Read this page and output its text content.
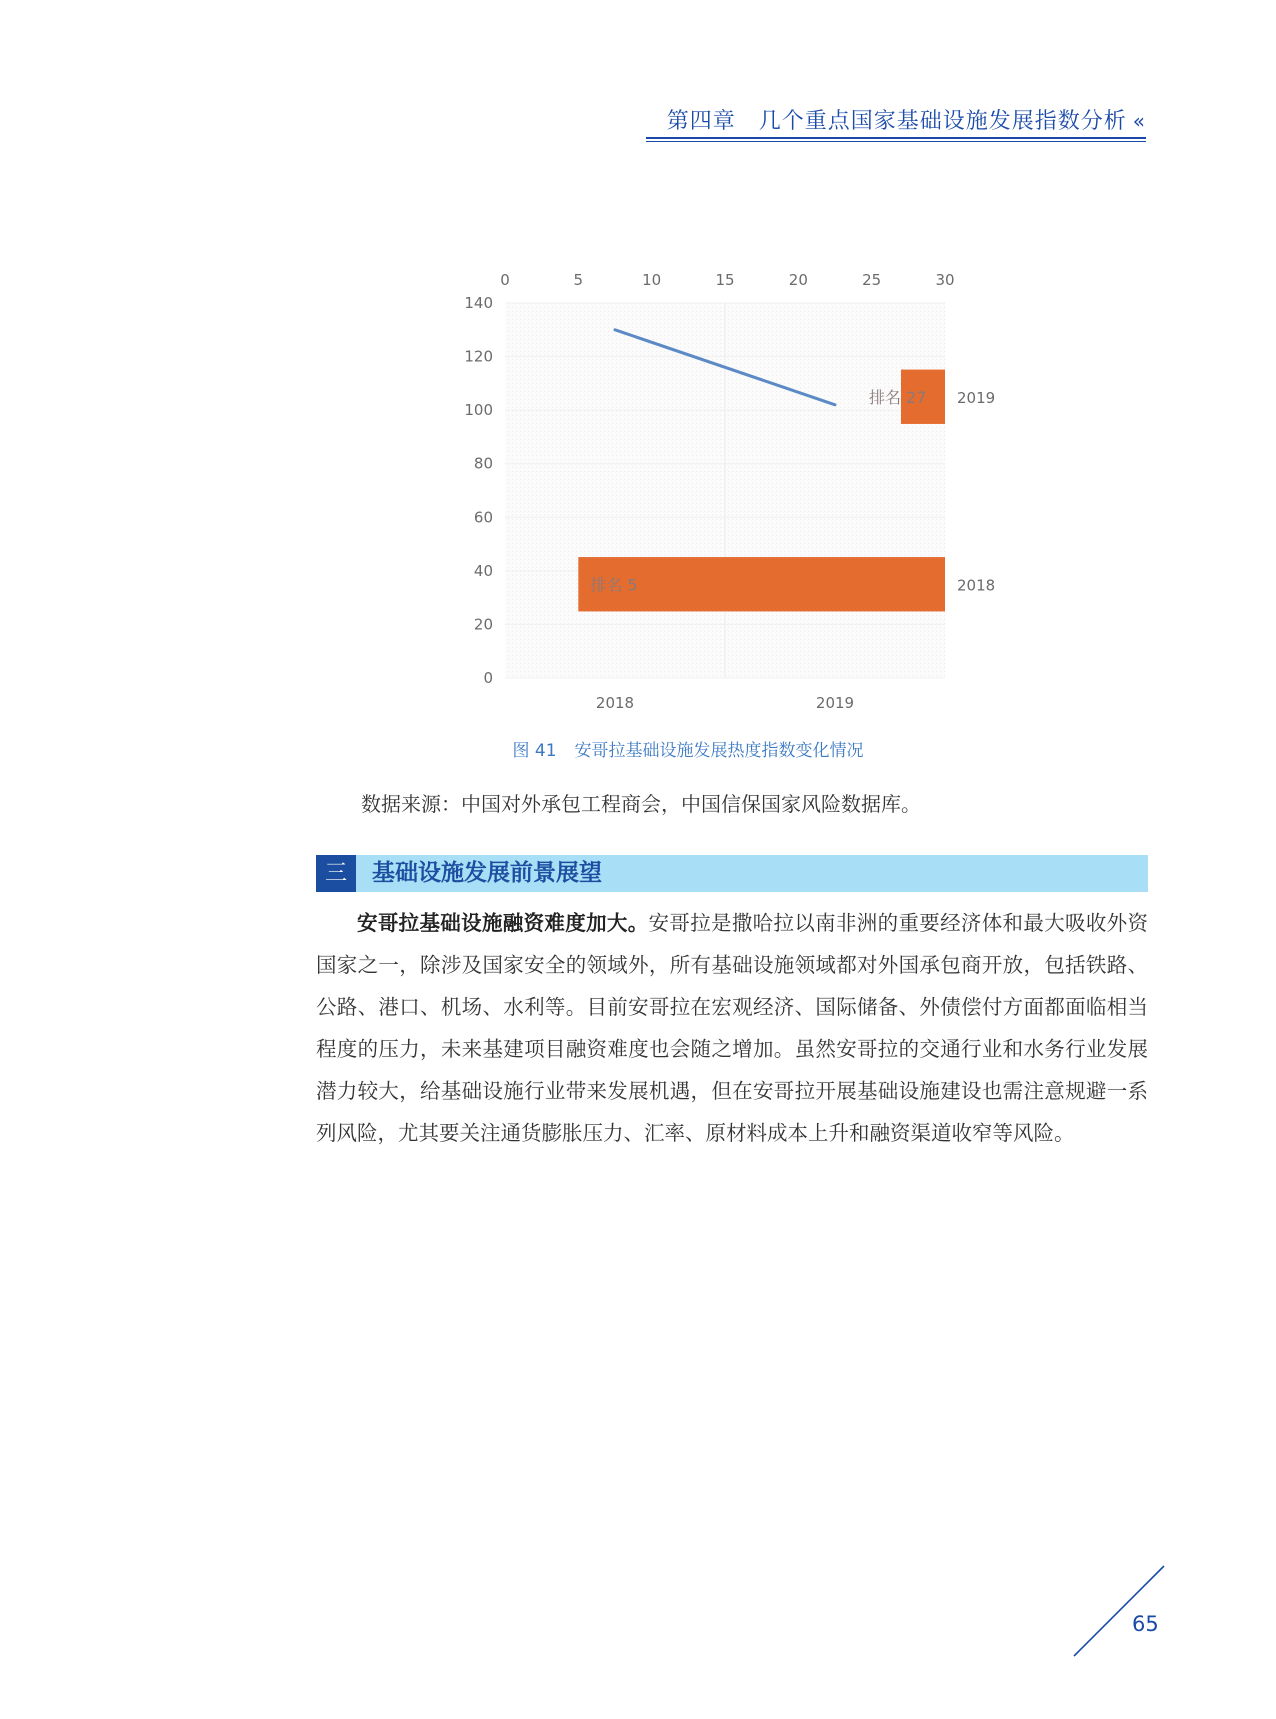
第四章　几个重点国家基础设施发展指数分析 «
0
20
40
60
80
100
120
140
0	5	10	15	20	25	30
2018	2019
排名 5	2018
排名 27 2019
图 41 安哥拉基础设施发展热度指数变化情况
数据来源：中国对外承包工程商会，中国信保国家风险数据库。
三	基础设施发展前景展望
安哥拉基础设施融资难度加大。安哥拉是撒哈拉以南非洲的重要经济体和最大吸收外资国家之一，除涉及国家安全的领域外，所有基础设施领域都对外国承包商开放，包括铁路、公路、港口、机场、水利等。目前安哥拉在宏观经济、国际储备、外债偿付方面都面临相当程度的压力，未来基建项目融资难度也会随之增加。虽然安哥拉的交通行业和水务行业发展潜力较大，给基础设施行业带来发展机遇，但在安哥拉开展基础设施建设也需注意规避一系列风险，尤其要关注通货膨胀压力、汇率、原材料成本上升和融资渠道收窄等风险。
65
